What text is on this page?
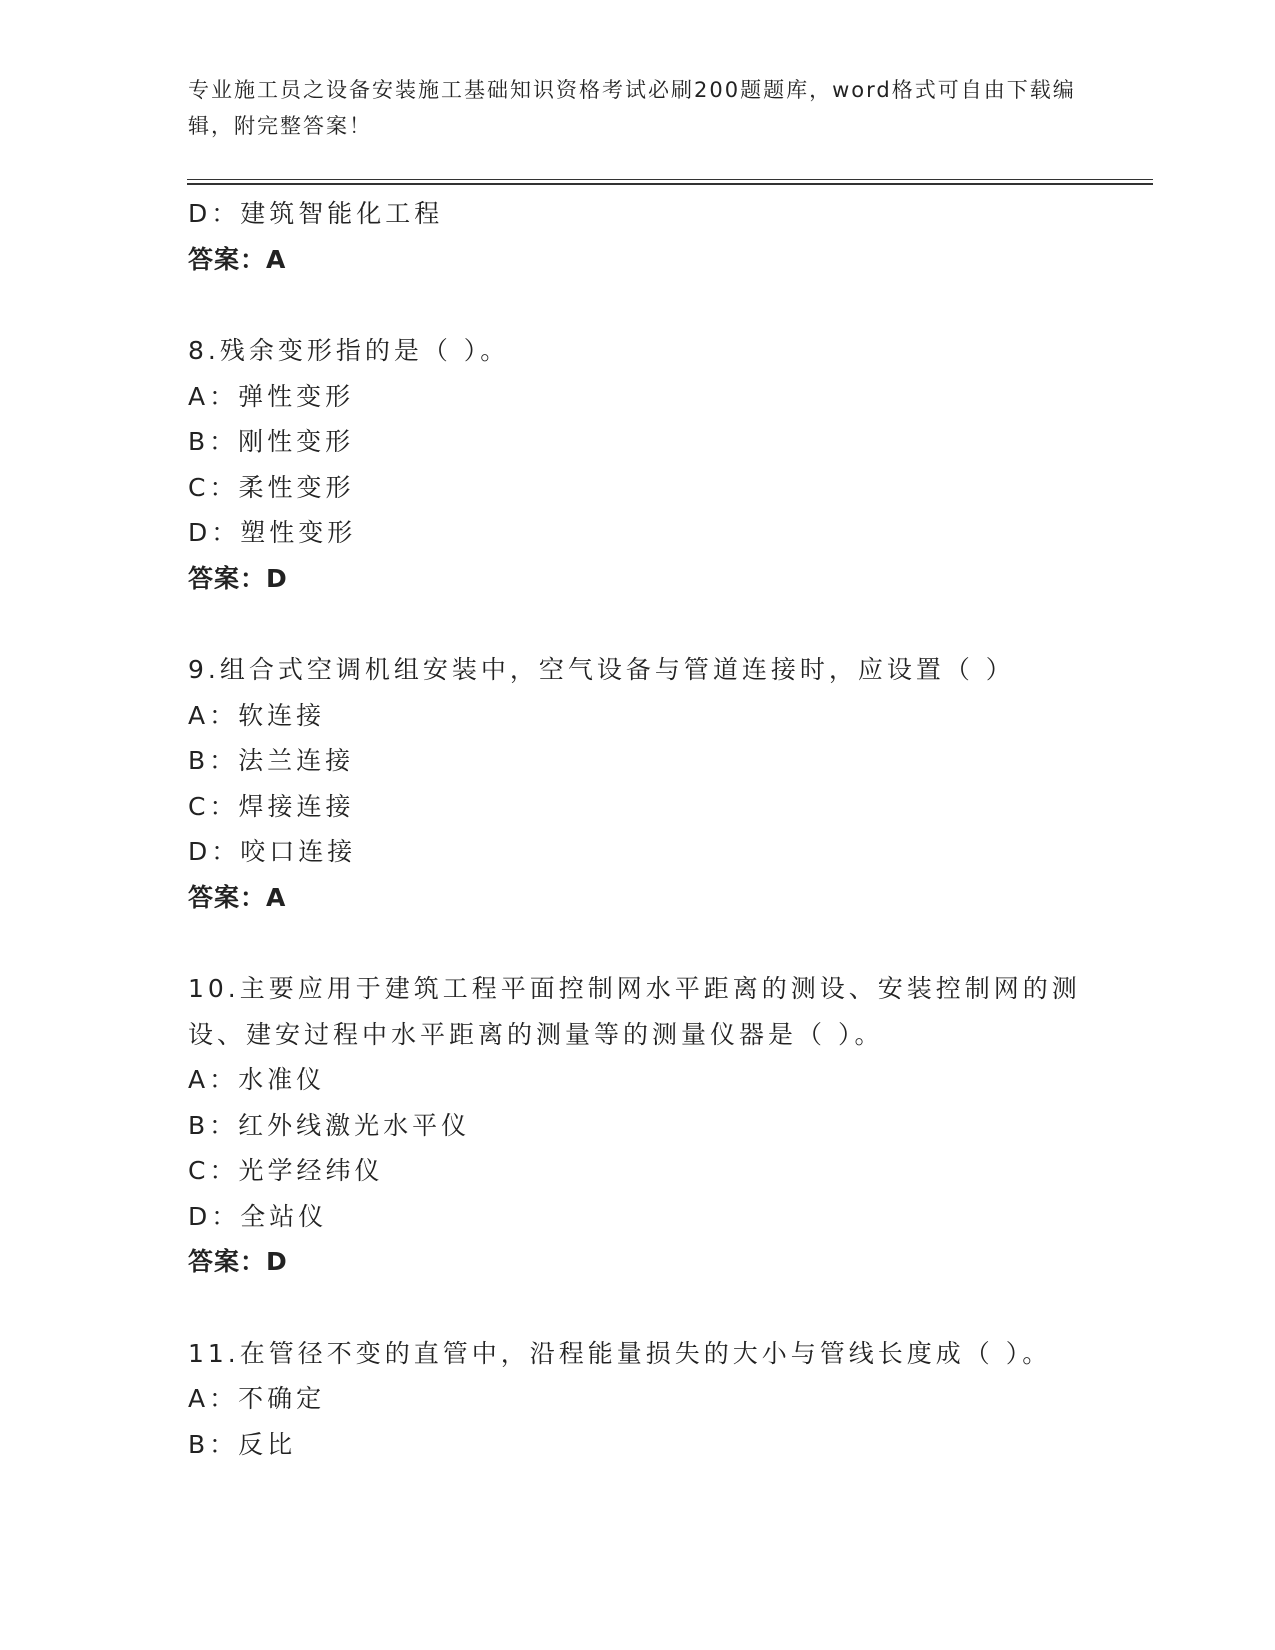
专业施工员之设备安装施工基础知识资格考试必刷200题题库，word格式可自由下载编辑，附完整答案！
D：建筑智能化工程
答案：A
8.残余变形指的是（ ）。
A：弹性变形
B：刚性变形
C：柔性变形
D：塑性变形
答案：D
9.组合式空调机组安装中，空气设备与管道连接时，应设置（ ）
A：软连接
B：法兰连接
C：焊接连接
D：咬口连接
答案：A
10.主要应用于建筑工程平面控制网水平距离的测设、安装控制网的测设、建安过程中水平距离的测量等的测量仪器是（ ）。
A：水准仪
B：红外线激光水平仪
C：光学经纬仪
D：全站仪
答案：D
11.在管径不变的直管中，沿程能量损失的大小与管线长度成（ ）。
A：不确定
B：反比
